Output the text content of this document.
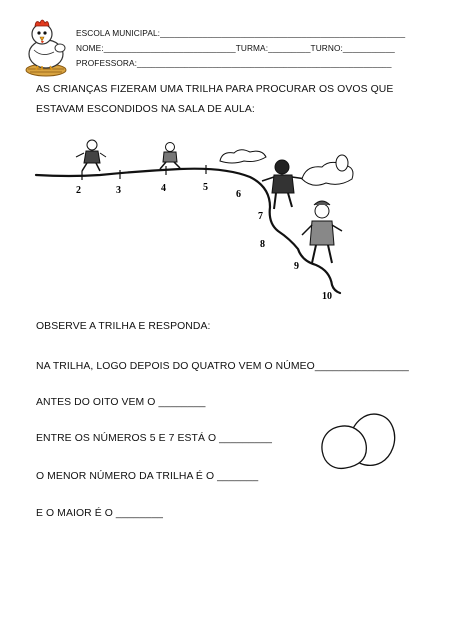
ESCOLA MUNICIPAL:____________________________________________________
NOME:____________________________TURMA:_________TURNO:___________
PROFESSORA:______________________________________________________
AS CRIANÇAS FIZERAM UMA TRILHA PARA PROCURAR OS OVOS QUE
ESTAVAM ESCONDIDOS NA SALA DE AULA:
2	3	4	5
6
7
8
9
10
OBSERVE A TRILHA E RESPONDA:
NA TRILHA, LOGO DEPOIS DO QUATRO VEM O NÚMEO________________
ANTES DO OITO VEM O ________
ENTRE OS NÚMEROS 5 E 7 ESTÁ O _________
O MENOR NÚMERO DA TRILHA É O _______
E O MAIOR É O ________
